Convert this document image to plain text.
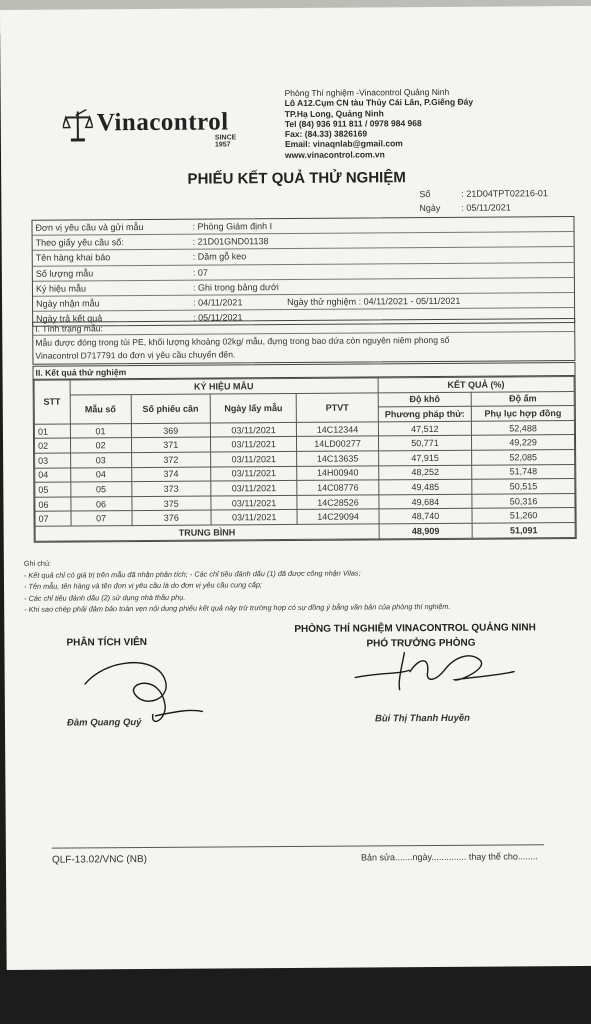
Vinacontrol
SINCE 1957
Phòng Thí nghiệm -Vinacontrol Quảng Ninh
Lô A12.Cụm CN tàu Thủy Cái Lân, P.Giếng Đáy
TP.Hạ Long, Quảng Ninh
Tel (84) 936 911 811 / 0978 984 968
Fax: (84.33) 3826169
Email: vinaqnlab@gmail.com
www.vinacontrol.com.vn
PHIẾU KẾT QUẢ THỬ NGHIỆM
Số	: 21D04TPT02216-01
Ngày : 05/11/2021
Đơn vị yêu cầu và gửi mẫu	: Phòng Giám định I
Theo giấy yêu cầu số:	: 21D01GND01138
Tên hàng khai báo	: Dăm gỗ keo
Số lượng mẫu	: 07
Ký hiệu mẫu	: Ghi trong bảng dưới
Ngày nhận mẫu	: 04/11/2021	Ngày thử nghiệm : 04/11/2021 - 05/11/2021
Ngày trả kết quả	: 05/11/2021
I. Tình trạng mẫu:
Mẫu được đóng trong túi PE, khối lượng khoảng 02kg/ mẫu, đựng trong bao dứa còn nguyên niêm phong số
Vinacontrol D717791 do đơn vị yêu cầu chuyển đến.
II. Kết quả thử nghiệm
STT	KÝ HIỆU MẪU				KẾT QUẢ (%)	
	Mẫu số	Số phiếu cân	Ngày lấy mẫu	PTVT	Độ khô	Độ ẩm
					Phương pháp thử:	Phụ lục hợp đồng
01	01	369	03/11/2021	14C12344	47,512	52,488
02	02	371	03/11/2021	14LD00277	50,771	49,229
03	03	372	03/11/2021	14C13635	47,915	52,085
04	04	374	03/11/2021	14H00940	48,252	51,748
05	05	373	03/11/2021	14C08776	49,485	50,515
06	06	375	03/11/2021	14C28526	49,684	50,316
07	07	376	03/11/2021	14C29094	48,740	51,260
TRUNG BÌNH					48,909	51,091
Ghi chú:
- Kết quả chỉ có giá trị trên mẫu đã nhận phân tích; - Các chỉ tiêu đánh dấu (1) đã được công nhận Vilas;
- Tên mẫu, tên hàng và tên đơn vị yêu cầu là do đơn vị yêu cầu cung cấp;
- Các chỉ tiêu đánh dấu (2) sử dụng nhà thầu phụ.
- Khi sao chép phải đảm bảo toàn vẹn nội dung phiếu kết quả này trừ trường hợp có sự đồng ý bằng văn bản của phòng thí nghiệm.
PHÂN TÍCH VIÊN
PHÒNG THÍ NGHIỆM VINACONTROL QUẢNG NINH
PHÓ TRƯỞNG PHÒNG
Đàm Quang Quý	Bùi Thị Thanh Huyền
QLF-13.02/VNC (NB)	Bản sửa.......ngày.............. thay thế cho........
